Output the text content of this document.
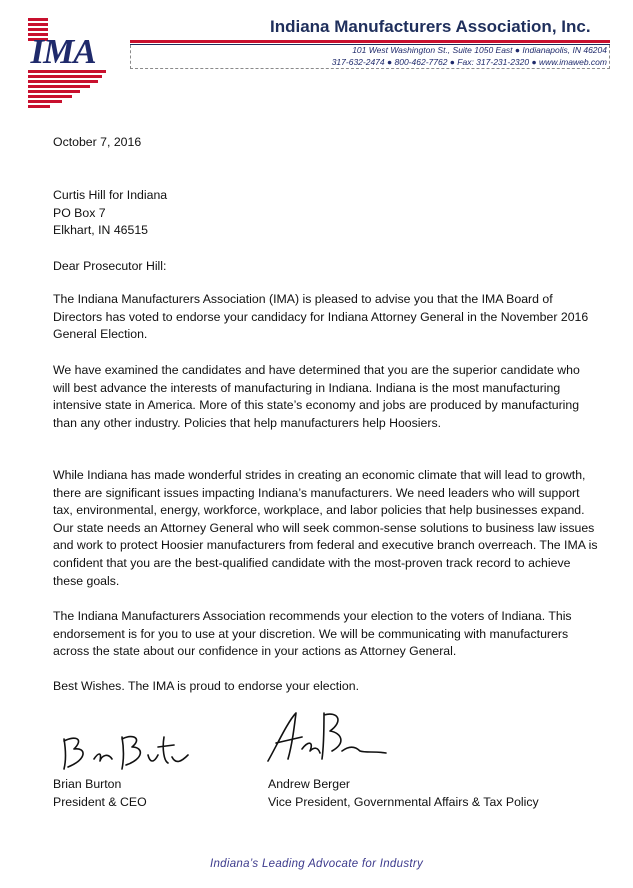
IMA
Indiana Manufacturers Association, Inc.
101 West Washington St., Suite 1050 East ● Indianapolis, IN 46204
317-632-2474 ● 800-462-7762 ● Fax: 317-231-2320 ● www.imaweb.com
October 7, 2016
Curtis Hill for Indiana
PO Box 7
Elkhart, IN 46515
Dear Prosecutor Hill:
The Indiana Manufacturers Association (IMA) is pleased to advise you that the IMA Board of Directors has voted to endorse your candidacy for Indiana Attorney General in the November 2016 General Election.
We have examined the candidates and have determined that you are the superior candidate who will best advance the interests of manufacturing in Indiana. Indiana is the most manufacturing intensive state in America. More of this state’s economy and jobs are produced by manufacturing than any other industry. Policies that help manufacturers help Hoosiers.
While Indiana has made wonderful strides in creating an economic climate that will lead to growth, there are significant issues impacting Indiana’s manufacturers. We need leaders who will support tax, environmental, energy, workforce, workplace, and labor policies that help businesses expand. Our state needs an Attorney General who will seek common-sense solutions to business law issues and work to protect Hoosier manufacturers from federal and executive branch overreach. The IMA is confident that you are the best-qualified candidate with the most-proven track record to achieve these goals.
The Indiana Manufacturers Association recommends your election to the voters of Indiana. This endorsement is for you to use at your discretion. We will be communicating with manufacturers across the state about our confidence in your actions as Attorney General.
Best Wishes. The IMA is proud to endorse your election.
Brian Burton
President & CEO
Andrew Berger
Vice President, Governmental Affairs & Tax Policy
Indiana’s Leading Advocate for Industry
